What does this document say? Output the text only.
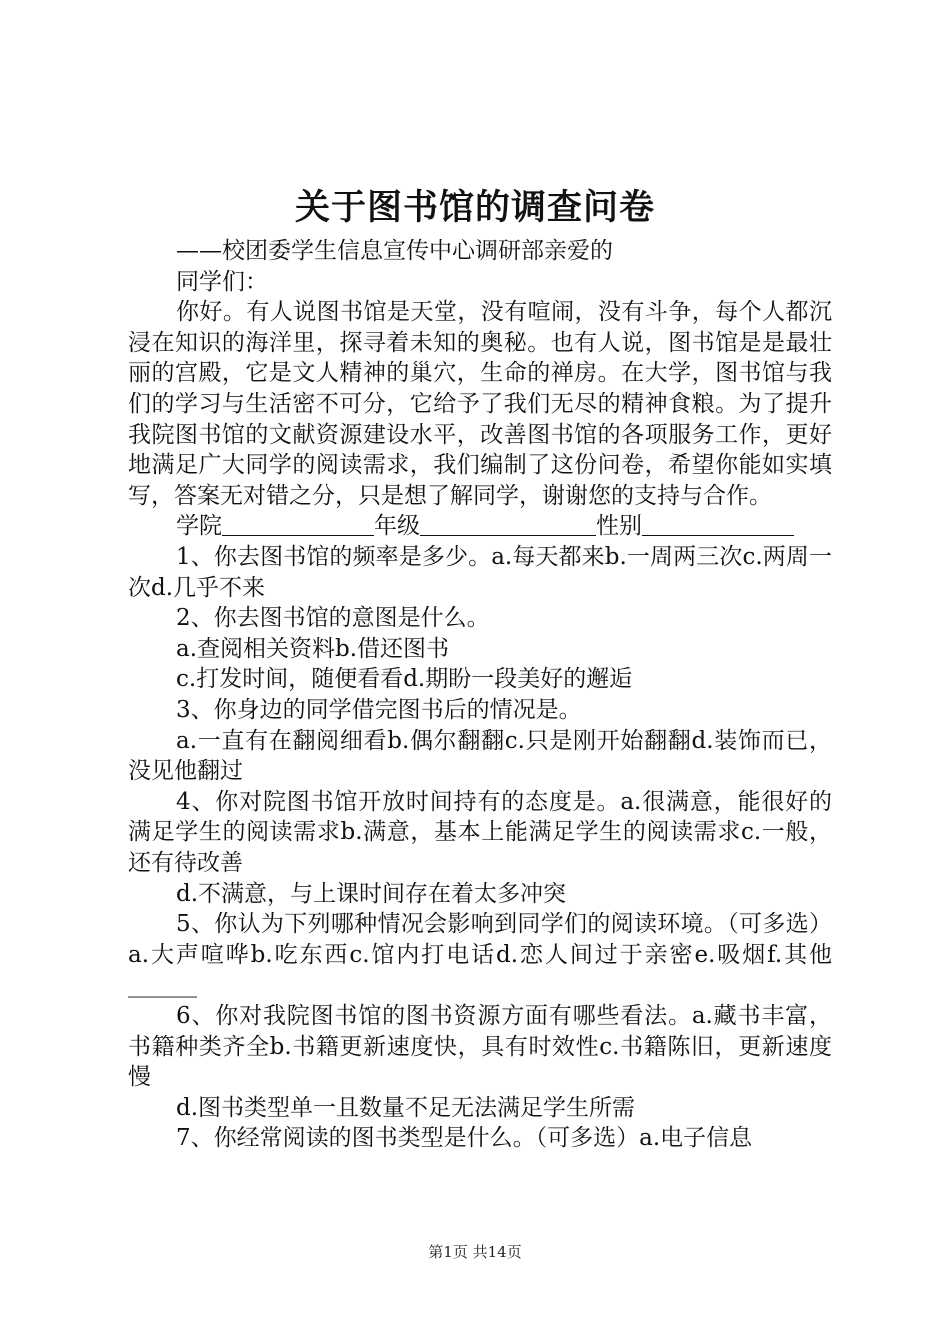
关于图书馆的调查问卷

——校团委学生信息宣传中心调研部亲爱的

同学们：

你好。有人说图书馆是天堂，没有喧闹，没有斗争，每个人都沉浸在知识的海洋里，探寻着未知的奥秘。也有人说，图书馆是是最壮丽的宫殿，它是文人精神的巢穴，生命的禅房。在大学，图书馆与我们的学习与生活密不可分，它给予了我们无尽的精神食粮。为了提升我院图书馆的文献资源建设水平，改善图书馆的各项服务工作，更好地满足广大同学的阅读需求，我们编制了这份问卷，希望你能如实填写，答案无对错之分，只是想了解同学，谢谢您的支持与合作。

学院	年级	性别

1、你去图书馆的频率是多少。a.每天都来b.一周两三次c.两周一次d.几乎不来

2、你去图书馆的意图是什么。

a.查阅相关资料b.借还图书

c.打发时间，随便看看d.期盼一段美好的邂逅

3、你身边的同学借完图书后的情况是。

a.一直有在翻阅细看b.偶尔翻翻c.只是刚开始翻翻d.装饰而已，没见他翻过

4、你对院图书馆开放时间持有的态度是。a.很满意，能很好的满足学生的阅读需求b.满意，基本上能满足学生的阅读需求c.一般，还有待改善

d.不满意，与上课时间存在着太多冲突

5、你认为下列哪种情况会影响到同学们的阅读环境。（可多选）a.大声喧哗b.吃东西c.馆内打电话d.恋人间过于亲密e.吸烟f.其他______

6、你对我院图书馆的图书资源方面有哪些看法。a.藏书丰富，书籍种类齐全b.书籍更新速度快，具有时效性c.书籍陈旧，更新速度慢

d.图书类型单一且数量不足无法满足学生所需

7、你经常阅读的图书类型是什么。（可多选）a.电子信息

第1页 共14页
